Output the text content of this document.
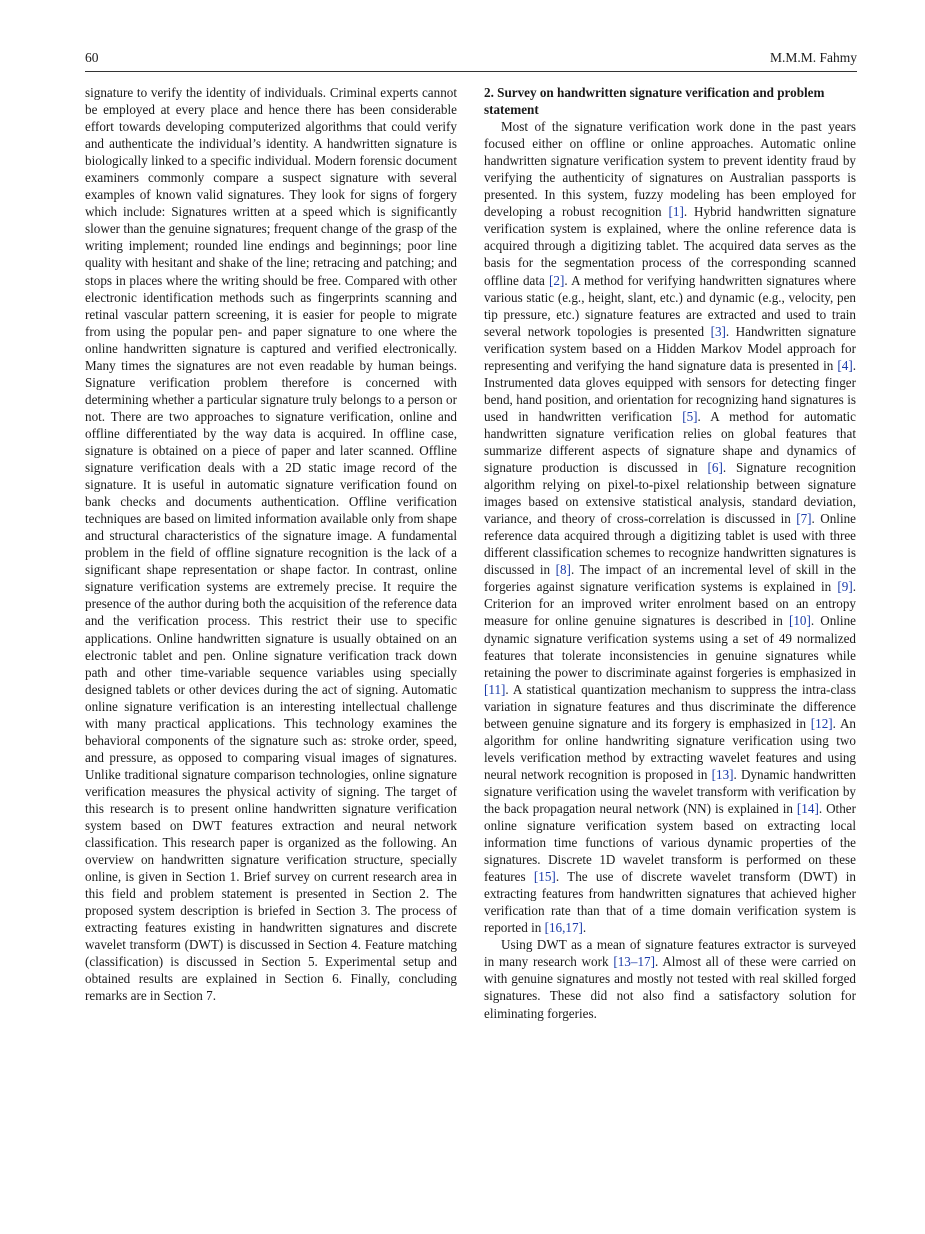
60	M.M.M. Fahmy

signature to verify the identity of individuals. Criminal experts cannot be employed at every place and hence there has been considerable effort towards developing computerized algorithms that could verify and authenticate the individual’s identity. A handwritten signature is biologically linked to a specific individual. Modern forensic document examiners commonly compare a suspect signature with several examples of known valid signatures. They look for signs of forgery which include: Signatures written at a speed which is significantly slower than the genuine signatures; frequent change of the grasp of the writing implement; rounded line endings and beginnings; poor line quality with hesitant and shake of the line; retracing and patching; and stops in places where the writing should be free. Compared with other electronic identification methods such as fingerprints scanning and retinal vascular pattern screening, it is easier for people to migrate from using the popular pen- and paper signature to one where the online handwritten signature is captured and verified electronically. Many times the signatures are not even readable by human beings. Signature verification problem therefore is concerned with determining whether a particular signature truly belongs to a person or not. There are two approaches to signature verification, online and offline differentiated by the way data is acquired. In offline case, signature is obtained on a piece of paper and later scanned. Offline signature verification deals with a 2D static image record of the signature. It is useful in automatic signature verification found on bank checks and documents authentication. Offline verification techniques are based on limited information available only from shape and structural characteristics of the signature image. A fundamental problem in the field of offline signature recognition is the lack of a significant shape representation or shape factor. In contrast, online signature verification systems are extremely precise. It require the presence of the author during both the acquisition of the reference data and the verification process. This restrict their use to specific applications. Online handwritten signature is usually obtained on an electronic tablet and pen. Online signature verification track down path and other time-variable sequence variables using specially designed tablets or other devices during the act of signing. Automatic online signature verification is an interesting intellectual challenge with many practical applications. This technology examines the behavioral components of the signature such as: stroke order, speed, and pressure, as opposed to comparing visual images of signatures. Unlike traditional signature comparison technologies, online signature verification measures the physical activity of signing. The target of this research is to present online handwritten signature verification system based on DWT features extraction and neural network classification. This research paper is organized as the following. An overview on handwritten signature verification structure, specially online, is given in Section 1. Brief survey on current research area in this field and problem statement is presented in Section 2. The proposed system description is briefed in Section 3. The process of extracting features existing in handwritten signatures and discrete wavelet transform (DWT) is discussed in Section 4. Feature matching (classification) is discussed in Section 5. Experimental setup and obtained results are explained in Section 6. Finally, concluding remarks are in Section 7.

2. Survey on handwritten signature verification and problem statement

Most of the signature verification work done in the past years focused either on offline or online approaches. Automatic online handwritten signature verification system to prevent identity fraud by verifying the authenticity of signatures on Australian passports is presented. In this system, fuzzy modeling has been employed for developing a robust recognition [1]. Hybrid handwritten signature verification system is explained, where the online reference data is acquired through a digitizing tablet. The acquired data serves as the basis for the segmentation process of the corresponding scanned offline data [2]. A method for verifying handwritten signatures where various static (e.g., height, slant, etc.) and dynamic (e.g., velocity, pen tip pressure, etc.) signature features are extracted and used to train several network topologies is presented [3]. Handwritten signature verification system based on a Hidden Markov Model approach for representing and verifying the hand signature data is presented in [4]. Instrumented data gloves equipped with sensors for detecting finger bend, hand position, and orientation for recognizing hand signatures is used in handwritten verification [5]. A method for automatic handwritten signature verification relies on global features that summarize different aspects of signature shape and dynamics of signature production is discussed in [6]. Signature recognition algorithm relying on pixel-to-pixel relationship between signature images based on extensive statistical analysis, standard deviation, variance, and theory of cross-correlation is discussed in [7]. Online reference data acquired through a digitizing tablet is used with three different classification schemes to recognize handwritten signatures is discussed in [8]. The impact of an incremental level of skill in the forgeries against signature verification systems is explained in [9]. Criterion for an improved writer enrolment based on an entropy measure for online genuine signatures is described in [10]. Online dynamic signature verification systems using a set of 49 normalized features that tolerate inconsistencies in genuine signatures while retaining the power to discriminate against forgeries is emphasized in [11]. A statistical quantization mechanism to suppress the intra-class variation in signature features and thus discriminate the difference between genuine signature and its forgery is emphasized in [12]. An algorithm for online handwriting signature verification using two levels verification method by extracting wavelet features and using neural network recognition is proposed in [13]. Dynamic handwritten signature verification using the wavelet transform with verification by the back propagation neural network (NN) is explained in [14]. Other online signature verification system based on extracting local information time functions of various dynamic properties of the signatures. Discrete 1D wavelet transform is performed on these features [15]. The use of discrete wavelet transform (DWT) in extracting features from handwritten signatures that achieved higher verification rate than that of a time domain verification system is reported in [16,17].

Using DWT as a mean of signature features extractor is surveyed in many research work [13–17]. Almost all of these were carried on with genuine signatures and mostly not tested with real skilled forged signatures. These did not also find a satisfactory solution for eliminating forgeries.
